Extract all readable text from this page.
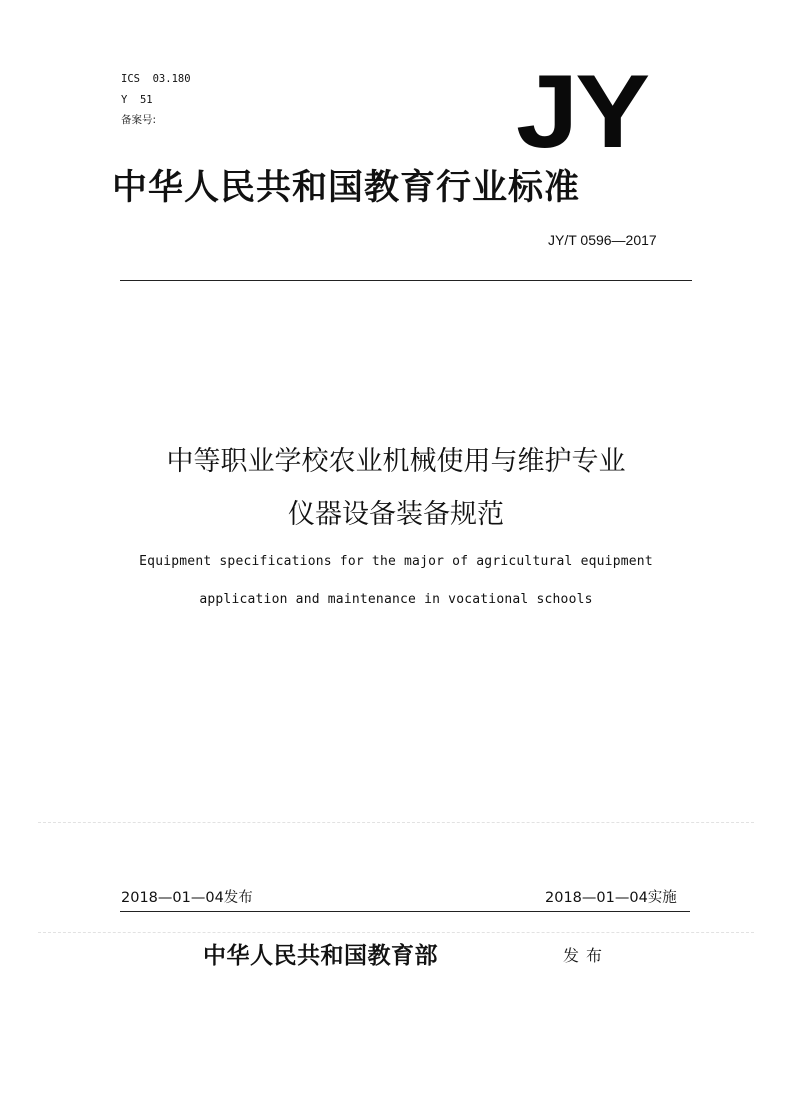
ICS  03.180
Y  51
备案号:	JY
中华人民共和国教育行业标准
JY/T 0596—2017
中等职业学校农业机械使用与维护专业
仪器设备装备规范
Equipment specifications for the major of agricultural equipment
application and maintenance in vocational schools
2018—01—04发布	2018—01—04实施
中华人民共和国教育部	发布
